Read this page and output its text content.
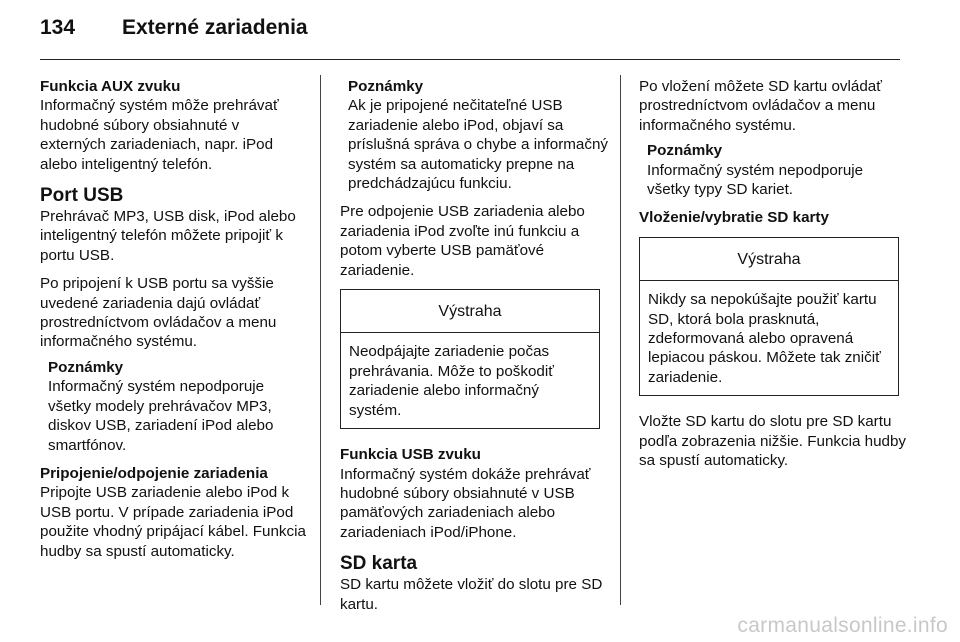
134 Externé zariadenia

Funkcia AUX zvuku

Informačný systém môže prehrávať hudobné súbory obsiahnuté v externých zariadeniach, napr. iPod alebo inteligentný telefón.

Port USB

Prehrávač MP3, USB disk, iPod alebo inteligentný telefón môžete pripojiť k portu USB.

Po pripojení k USB portu sa vyššie uvedené zariadenia dajú ovládať prostredníctvom ovládačov a menu informačného systému.

Poznámky

Informačný systém nepodporuje všetky modely prehrávačov MP3, diskov USB, zariadení iPod alebo smartfónov.

Pripojenie/odpojenie zariadenia

Pripojte USB zariadenie alebo iPod k USB portu. V prípade zariadenia iPod použite vhodný pripájací kábel. Funkcia hudby sa spustí automaticky.

Poznámky

Ak je pripojené nečitateľné USB zariadenie alebo iPod, objaví sa príslušná správa o chybe a informačný systém sa automaticky prepne na predchádzajúcu funkciu.

Pre odpojenie USB zariadenia alebo zariadenia iPod zvoľte inú funkciu a potom vyberte USB pamäťové zariadenie.

Výstraha
Neodpájajte zariadenie počas prehrávania. Môže to poškodiť zariadenie alebo informačný systém.

Funkcia USB zvuku

Informačný systém dokáže prehrávať hudobné súbory obsiahnuté v USB pamäťových zariadeniach alebo zariadeniach iPod/iPhone.

SD karta

SD kartu môžete vložiť do slotu pre SD kartu.

Po vložení môžete SD kartu ovládať prostredníctvom ovládačov a menu informačného systému.

Poznámky

Informačný systém nepodporuje všetky typy SD kariet.

Vloženie/vybratie SD karty

Výstraha
Nikdy sa nepokúšajte použiť kartu SD, ktorá bola prasknutá, zdeformovaná alebo opravená lepiacou páskou. Môžete tak zničiť zariadenie.

Vložte SD kartu do slotu pre SD kartu podľa zobrazenia nižšie. Funkcia hudby sa spustí automaticky.

carmanualsonline.info
